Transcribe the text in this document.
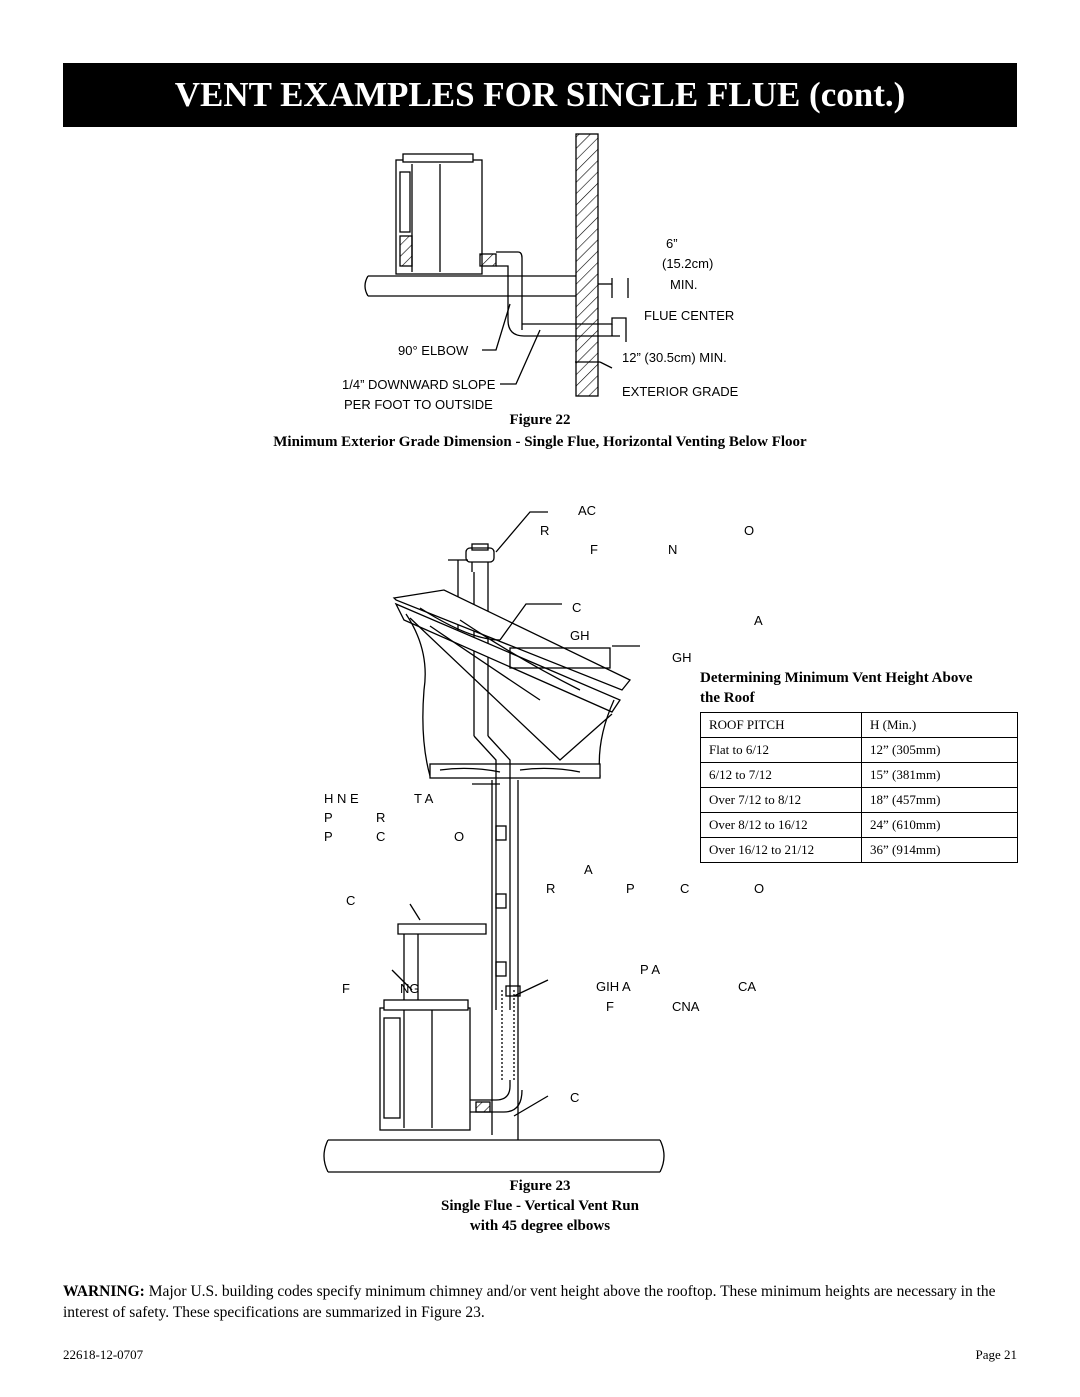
VENT EXAMPLES FOR SINGLE FLUE (cont.)
6”
(15.2cm)
MIN.
FLUE CENTER
90° ELBOW	12” (30.5cm) MIN.
1/4” DOWNWARD SLOPE
PER FOOT TO OUTSIDE
EXTERIOR GRADE
AC
R	O
F	N
C
A
GH
GH
H N E	T A
P	R
P	C	O
A
R	P	C	O
C
P A
F	NG	GIH A	CA
F	CNA
C
Figure 22
Minimum Exterior Grade Dimension - Single Flue, Horizontal Venting Below Floor
Determining Minimum Vent Height Above
the Roof
ROOF PITCH	H (Min.)
Flat to 6/12	12” (305mm)
6/12 to 7/12	15” (381mm)
Over 7/12 to 8/12	18” (457mm)
Over 8/12 to 16/12	24” (610mm)
Over 16/12 to 21/12	36” (914mm)
Figure 23
Single Flue - Vertical Vent Run
with 45 degree elbows
WARNING: Major U.S. building codes specify minimum chimney and/or vent height above the rooftop. These minimum heights are necessary in the interest of safety. These specifications are summarized in Figure 23.
22618-12-0707	Page 21
